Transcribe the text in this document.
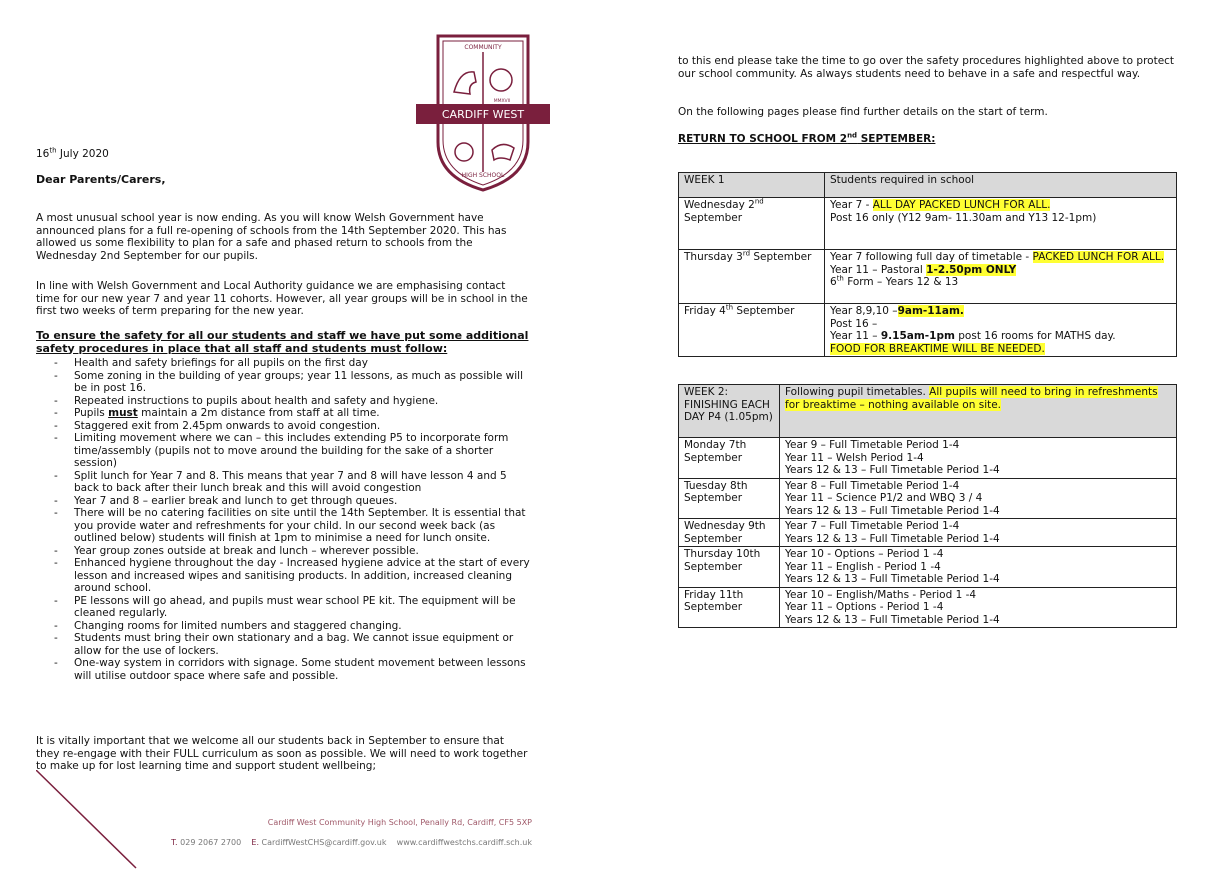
CARDIFF WEST
COMMUNITY
MMXVII
HIGH SCHOOL
16th July 2020
Dear Parents/Carers,
A most unusual school year is now ending. As you will know Welsh Government have announced plans for a full re-opening of schools from the 14th September 2020. This has allowed us some flexibility to plan for a safe and phased return to schools from the Wednesday 2nd September for our pupils.
In line with Welsh Government and Local Authority guidance we are emphasising contact time for our new year 7 and year 11 cohorts. However, all year groups will be in school in the first two weeks of term preparing for the new year.
To ensure the safety for all our students and staff we have put some additional safety procedures in place that all staff and students must follow:
- Health and safety briefings for all pupils on the first day
- Some zoning in the building of year groups; year 11 lessons, as much as possible will be in post 16.
- Repeated instructions to pupils about health and safety and hygiene.
- Pupils must maintain a 2m distance from staff at all time.
- Staggered exit from 2.45pm onwards to avoid congestion.
- Limiting movement where we can – this includes extending P5 to incorporate form time/assembly (pupils not to move around the building for the sake of a shorter session)
- Split lunch for Year 7 and 8. This means that year 7 and 8 will have lesson 4 and 5 back to back after their lunch break and this will avoid congestion
- Year 7 and 8 – earlier break and lunch to get through queues.
- There will be no catering facilities on site until the 14th September. It is essential that you provide water and refreshments for your child. In our second week back (as outlined below) students will finish at 1pm to minimise a need for lunch onsite.
- Year group zones outside at break and lunch – wherever possible.
- Enhanced hygiene throughout the day - Increased hygiene advice at the start of every lesson and increased wipes and sanitising products. In addition, increased cleaning around school.
- PE lessons will go ahead, and pupils must wear school PE kit. The equipment will be cleaned regularly.
- Changing rooms for limited numbers and staggered changing.
- Students must bring their own stationary and a bag. We cannot issue equipment or allow for the use of lockers.
- One-way system in corridors with signage. Some student movement between lessons will utilise outdoor space where safe and possible.
It is vitally important that we welcome all our students back in September to ensure that they re-engage with their FULL curriculum as soon as possible. We will need to work together to make up for lost learning time and support student wellbeing;
Cardiff West Community High School, Penally Rd, Cardiff, CF5 5XP
T. 029 2067 2700 E. CardiffWestCHS@cardiff.gov.uk www.cardiffwestchs.cardiff.sch.uk
to this end please take the time to go over the safety procedures highlighted above to protect our school community. As always students need to behave in a safe and respectful way.
On the following pages please find further details on the start of term.
RETURN TO SCHOOL FROM 2nd SEPTEMBER:
WEEK 1	Students required in school
Wednesday 2nd
September	Year 7 - ALL DAY PACKED LUNCH FOR ALL.
Post 16 only (Y12 9am- 11.30am and Y13 12-1pm)
Thursday 3rd September	Year 7 following full day of timetable - PACKED LUNCH FOR ALL.
Year 11 – Pastoral 1-2.50pm ONLY
6th Form – Years 12 & 13
Friday 4th September	Year 8,9,10 –9am-11am.
Post 16 –
Year 11 – 9.15am-1pm post 16 rooms for MATHS day.
FOOD FOR BREAKTIME WILL BE NEEDED.
WEEK 2: FINISHING EACH DAY P4 (1.05pm)	Following pupil timetables. All pupils will need to bring in refreshments for breaktime – nothing available on site.
Monday 7th September	Year 9 – Full Timetable Period 1-4
Year 11 – Welsh Period 1-4
Years 12 & 13 – Full Timetable Period 1-4

Tuesday 8th September	Year 8 – Full Timetable Period 1-4
Year 11 – Science P1/2 and WBQ 3 / 4
Years 12 & 13 – Full Timetable Period 1-4

Wednesday 9th September	Year 7 – Full Timetable Period 1-4
Years 12 & 13 – Full Timetable Period 1-4

Thursday 10th September	Year 10 - Options – Period 1 -4
Year 11 – English - Period 1 -4
Years 12 & 13 – Full Timetable Period 1-4

Friday 11th September	Year 10 – English/Maths - Period 1 -4
Year 11 – Options - Period 1 -4
Years 12 & 13 – Full Timetable Period 1-4
